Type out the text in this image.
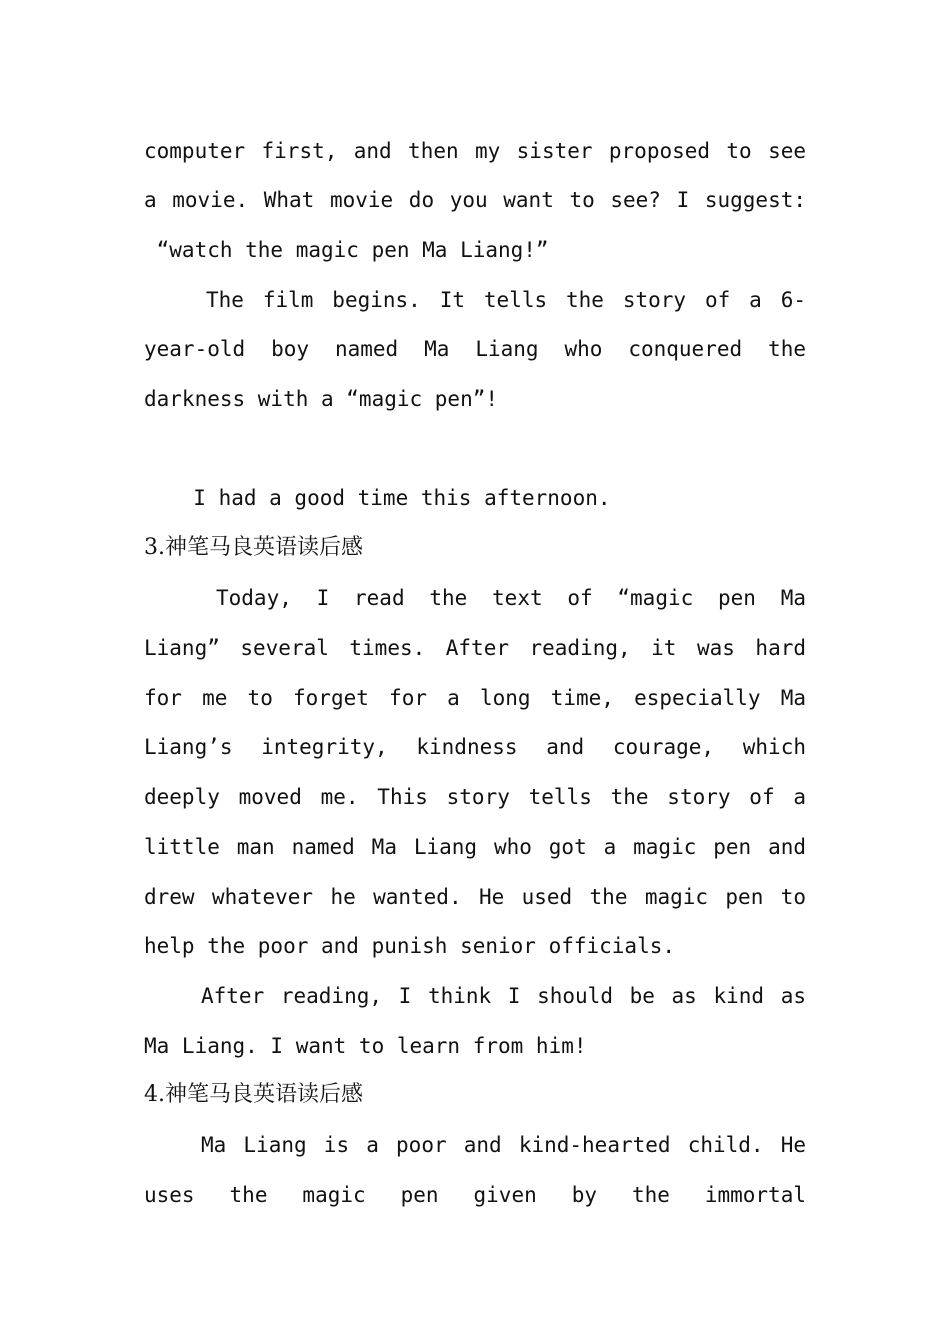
computer first, and then my sister proposed to see
a movie. What movie do you want to see? I suggest:
“watch the magic pen Ma Liang!”
The film begins. It tells the story of a 6-
year-old boy named Ma Liang who conquered the
darkness with a “magic pen”!
I had a good time this afternoon.
3.神笔马良英语读后感
Today, I read the text of “magic pen Ma
Liang” several times. After reading, it was hard
for me to forget for a long time, especially Ma
Liang’s integrity, kindness and courage, which
deeply moved me. This story tells the story of a
little man named Ma Liang who got a magic pen and
drew whatever he wanted. He used the magic pen to
help the poor and punish senior officials.
After reading, I think I should be as kind as
Ma Liang. I want to learn from him!
4.神笔马良英语读后感
Ma Liang is a poor and kind-hearted child. He
uses the magic pen given by the immortal
